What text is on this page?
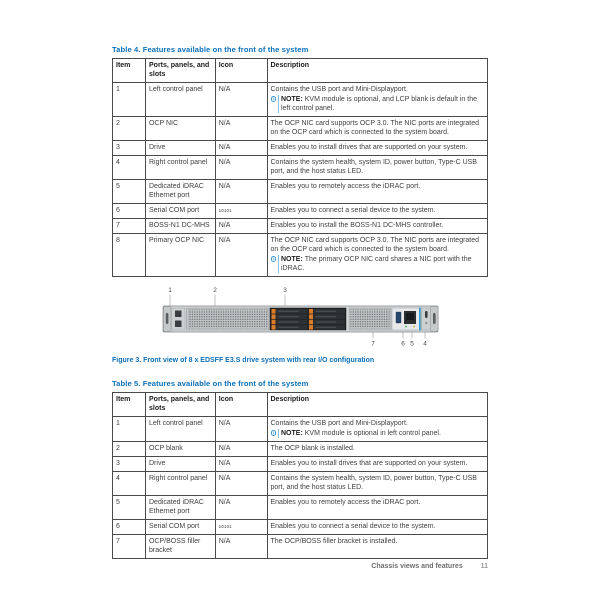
Table 4. Features available on the front of the system
Item	Ports, panels, and slots	Icon	Description
1	Left control panel	N/A	Contains the USB port and Mini-Displayport.
i NOTE: KVM module is optional, and LCP blank is default in the left control panel.

2	OCP NIC	N/A	The OCP NIC card supports OCP 3.0. The NIC ports are integrated on the OCP card which is connected to the system board.

3	Drive	N/A	Enables you to install drives that are supported on your system.

4	Right control panel	N/A	Contains the system health, system ID, power button, Type-C USB port, and the host status LED.

5	Dedicated iDRAC Ethernet port	N/A	Enables you to remotely access the iDRAC port.

6	Serial COM port	10101	Enables you to connect a serial device to the system.

7	BOSS-N1 DC-MHS	N/A	Enables you to install the BOSS-N1 DC-MHS controller.

8	Primary OCP NIC	N/A	The OCP NIC card supports OCP 3.0. The NIC ports are integrated on the OCP card which is connected to the system board.
i NOTE: The primary OCP NIC card shares a NIC port with the iDRAC.
1	2	3
7	6 5 4
Figure 3. Front view of 8 x EDSFF E3.S drive system with rear I/O configuration
Table 5. Features available on the front of the system
Item	Ports, panels, and slots	Icon	Description
1	Left control panel	N/A	Contains the USB port and Mini-Displayport.
i NOTE: KVM module is optional in left control panel.

2	OCP blank	N/A	The OCP blank is installed.

3	Drive	N/A	Enables you to install drives that are supported on your system.

4	Right control panel	N/A	Contains the system health, system ID, power button, Type-C USB port, and the host status LED.

5	Dedicated iDRAC Ethernet port	N/A	Enables you to remotely access the iDRAC port.

6	Serial COM port	10101	Enables you to connect a serial device to the system.

7	OCP/BOSS filler bracket	N/A	The OCP/BOSS filler bracket is installed.
Chassis views and features	11
